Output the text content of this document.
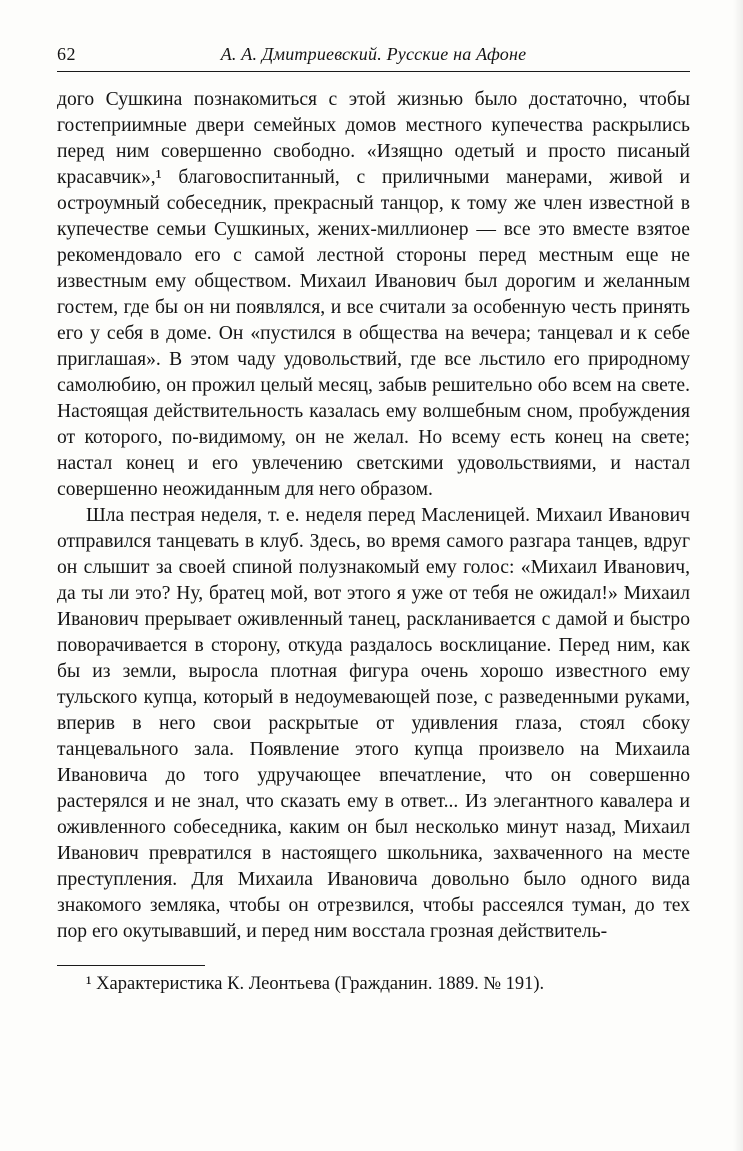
62	А. А. Дмитриевский. Русские на Афоне

дого Сушкина познакомиться с этой жизнью было достаточно, чтобы гостеприимные двери семейных домов местного купечества раскрылись перед ним совершенно свободно. «Изящно одетый и просто писаный красавчик»,¹ благовоспитанный, с приличными манерами, живой и остроумный собеседник, прекрасный танцор, к тому же член известной в купечестве семьи Сушкиных, жених-миллионер — все это вместе взятое рекомендовало его с самой лестной стороны перед местным еще не известным ему обществом. Михаил Иванович был дорогим и желанным гостем, где бы он ни появлялся, и все считали за особенную честь принять его у себя в доме. Он «пустился в общества на вечера; танцевал и к себе приглашая». В этом чаду удовольствий, где все льстило его природному самолюбию, он прожил целый месяц, забыв решительно обо всем на свете. Настоящая действительность казалась ему волшебным сном, пробуждения от которого, по-видимому, он не желал. Но всему есть конец на свете; настал конец и его увлечению светскими удовольствиями, и настал совершенно неожиданным для него образом.

Шла пестрая неделя, т. е. неделя перед Масленицей. Михаил Иванович отправился танцевать в клуб. Здесь, во время самого разгара танцев, вдруг он слышит за своей спиной полузнакомый ему голос: «Михаил Иванович, да ты ли это? Ну, братец мой, вот этого я уже от тебя не ожидал!» Михаил Иванович прерывает оживленный танец, раскланивается с дамой и быстро поворачивается в сторону, откуда раздалось восклицание. Перед ним, как бы из земли, выросла плотная фигура очень хорошо известного ему тульского купца, который в недоумевающей позе, с разведенными руками, вперив в него свои раскрытые от удивления глаза, стоял сбоку танцевального зала. Появление этого купца произвело на Михаила Ивановича до того удручающее впечатление, что он совершенно растерялся и не знал, что сказать ему в ответ... Из элегантного кавалера и оживленного собеседника, каким он был несколько минут назад, Михаил Иванович превратился в настоящего школьника, захваченного на месте преступления. Для Михаила Ивановича довольно было одного вида знакомого земляка, чтобы он отрезвился, чтобы рассеялся туман, до тех пор его окутывавший, и перед ним восстала грозная действитель-

¹ Характеристика К. Леонтьева (Гражданин. 1889. № 191).
